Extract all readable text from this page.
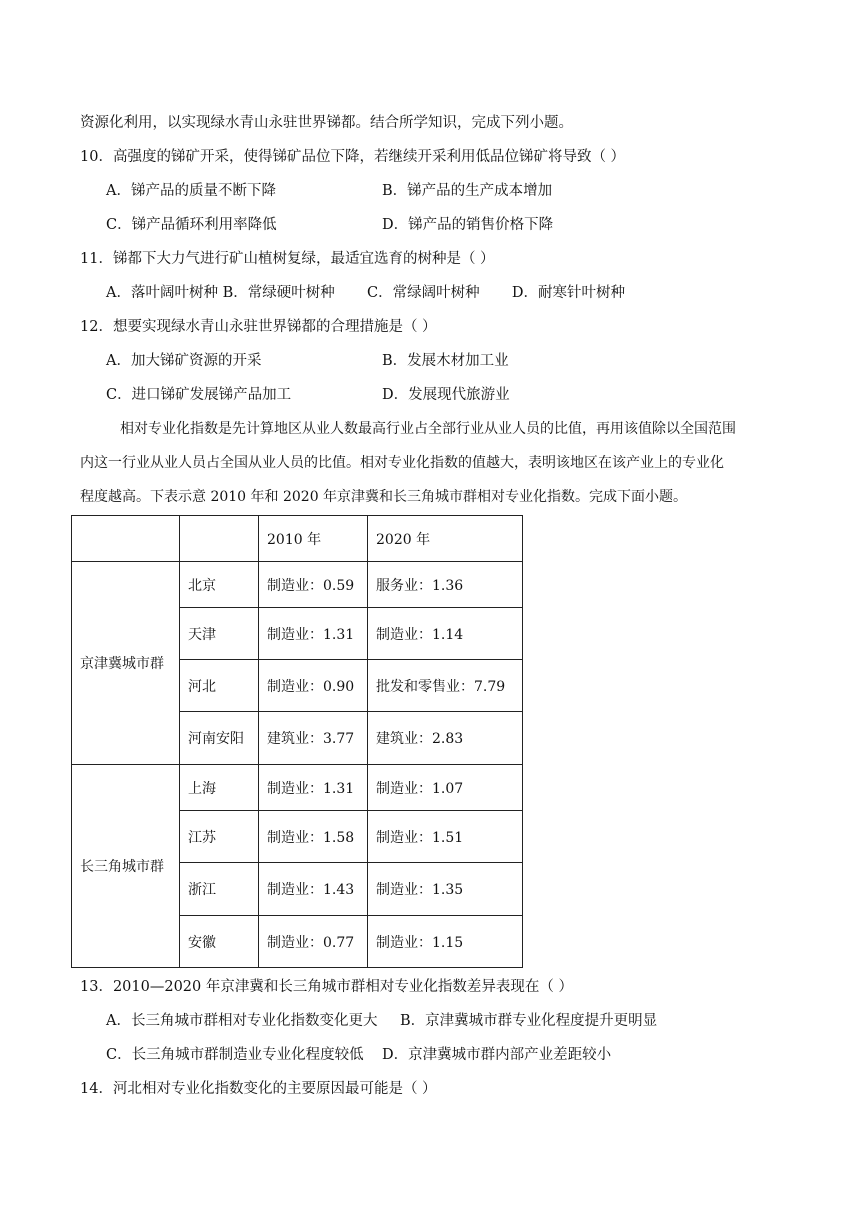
资源化利用，以实现绿水青山永驻世界锑都。结合所学知识，完成下列小题。
10．高强度的锑矿开采，使得锑矿品位下降，若继续开采利用低品位锑矿将导致（ ）
A．锑产品的质量不断下降	B．锑产品的生产成本增加
C．锑产品循环利用率降低	D．锑产品的销售价格下降
11．锑都下大力气进行矿山植树复绿，最适宜选育的树种是（ ）
A．落叶阔叶树种 B．常绿硬叶树种       C．常绿阔叶树种       D．耐寒针叶树种
12．想要实现绿水青山永驻世界锑都的合理措施是（ ）
A．加大锑矿资源的开采	B．发展木材加工业
C．进口锑矿发展锑产品加工	D．发展现代旅游业
相对专业化指数是先计算地区从业人数最高行业占全部行业从业人员的比值，再用该值除以全国范围
内这一行业从业人员占全国从业人员的比值。相对专业化指数的值越大，表明该地区在该产业上的专业化
程度越高。下表示意 2010 年和 2020 年京津冀和长三角城市群相对专业化指数。完成下面小题。
		2010 年	2020 年
京津冀城市群	北京	制造业：0.59	服务业：1.36
	天津	制造业：1.31	制造业：1.14
	河北	制造业：0.90	批发和零售业：7.79
	河南安阳	建筑业：3.77	建筑业：2.83
长三角城市群	上海	制造业：1.31	制造业：1.07
	江苏	制造业：1.58	制造业：1.51
	浙江	制造业：1.43	制造业：1.35
	安徽	制造业：0.77	制造业：1.15
13．2010—2020 年京津冀和长三角城市群相对专业化指数差异表现在（ ）
A．长三角城市群相对专业化指数变化更大 B．京津冀城市群专业化程度提升更明显
C．长三角城市群制造业专业化程度较低 D．京津冀城市群内部产业差距较小
14．河北相对专业化指数变化的主要原因最可能是（ ）
